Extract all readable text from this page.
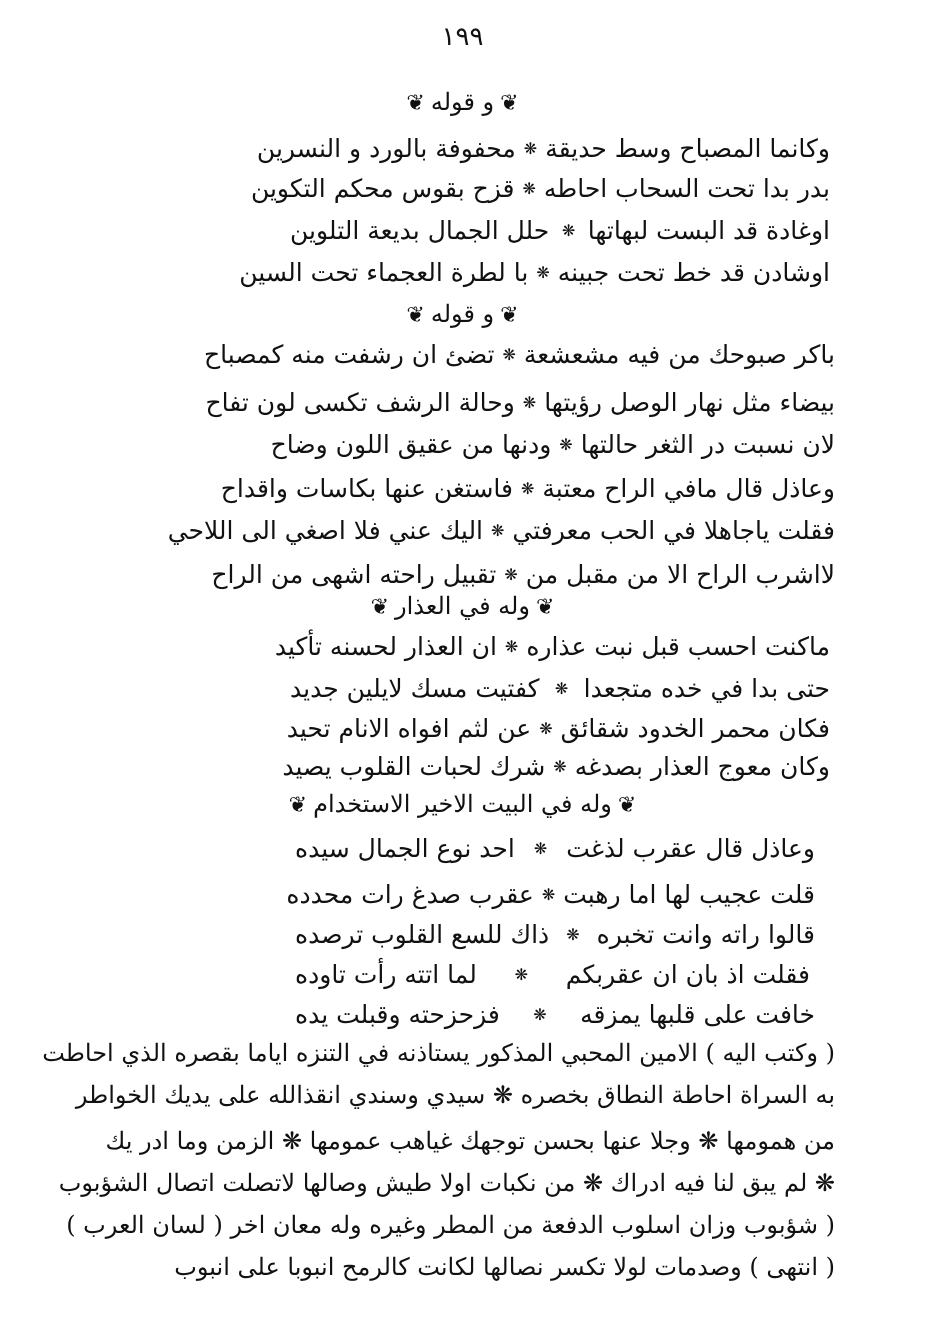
١٩٩
❦و قوله❦
وكانما المصباح وسط حديقة
❋
محفوفة بالورد و النسرين
بدر بدا تحت السحاب احاطه
❋
قزح بقوس محكم التكوين
اوغادة قد البست لبهاتها
❋
حلل الجمال بديعة التلوين
اوشادن قد خط تحت جبينه
❋
با لطرة العجماء تحت السين
❦و قوله❦
باكر صبوحك من فيه مشعشعة
❋
تضئ ان رشفت منه كمصباح
بيضاء مثل نهار الوصل رؤيتها
❋
وحالة الرشف تكسى لون تفاح
لان نسبت در الثغر حالتها
❋
ودنها من عقيق اللون وضاح
وعاذل قال مافي الراح معتبة
❋
فاستغن عنها بكاسات واقداح
فقلت ياجاهلا في الحب معرفتي
❋
اليك عني فلا اصغي الى اللاحي
لااشرب الراح الا من مقبل من
❋
تقبيل راحته اشهى من الراح
❦وله في العذار❦
ماكنت احسب قبل نبت عذاره
❋
ان العذار لحسنه تأكيد
حتى بدا في خده متجعدا
❋
كفتيت مسك لايلين جديد
فكان محمر الخدود شقائق
❋
عن لثم افواه الانام تحيد
وكان معوج العذار بصدغه
❋
شرك لحبات القلوب يصيد
❦وله في البيت الاخير الاستخدام❦
وعاذل قال عقرب لذغت
❋
احد نوع الجمال سيده
قلت عجيب لها اما رهبت
❋
عقرب صدغ رات محدده
قالوا راته وانت تخبره
❋
ذاك للسع القلوب ترصده
فقلت اذ بان ان عقربكم
❋
لما اتته رأت تاوده
خافت على قلبها يمزقه
❋
فزحزحته وقبلت يده
( وكتب اليه ) الامين المحبي المذكور يستاذنه في التنزه اياما بقصره الذي احاطت
به السراة احاطة النطاق بخصره ❋ سيدي وسندي انقذالله على يديك الخواطر
من همومها ❋ وجلا عنها بحسن توجهك غياهب عمومها ❋ الزمن وما ادر يك
❋ لم يبق لنا فيه ادراك ❋ من نكبات اولا طيش وصالها لاتصلت اتصال الشؤبوب
( شؤبوب وزان اسلوب الدفعة من المطر وغيره وله معان اخر ( لسان العرب )
( انتهى ) وصدمات لولا تكسر نصالها لكانت كالرمح انبوبا على انبوب
